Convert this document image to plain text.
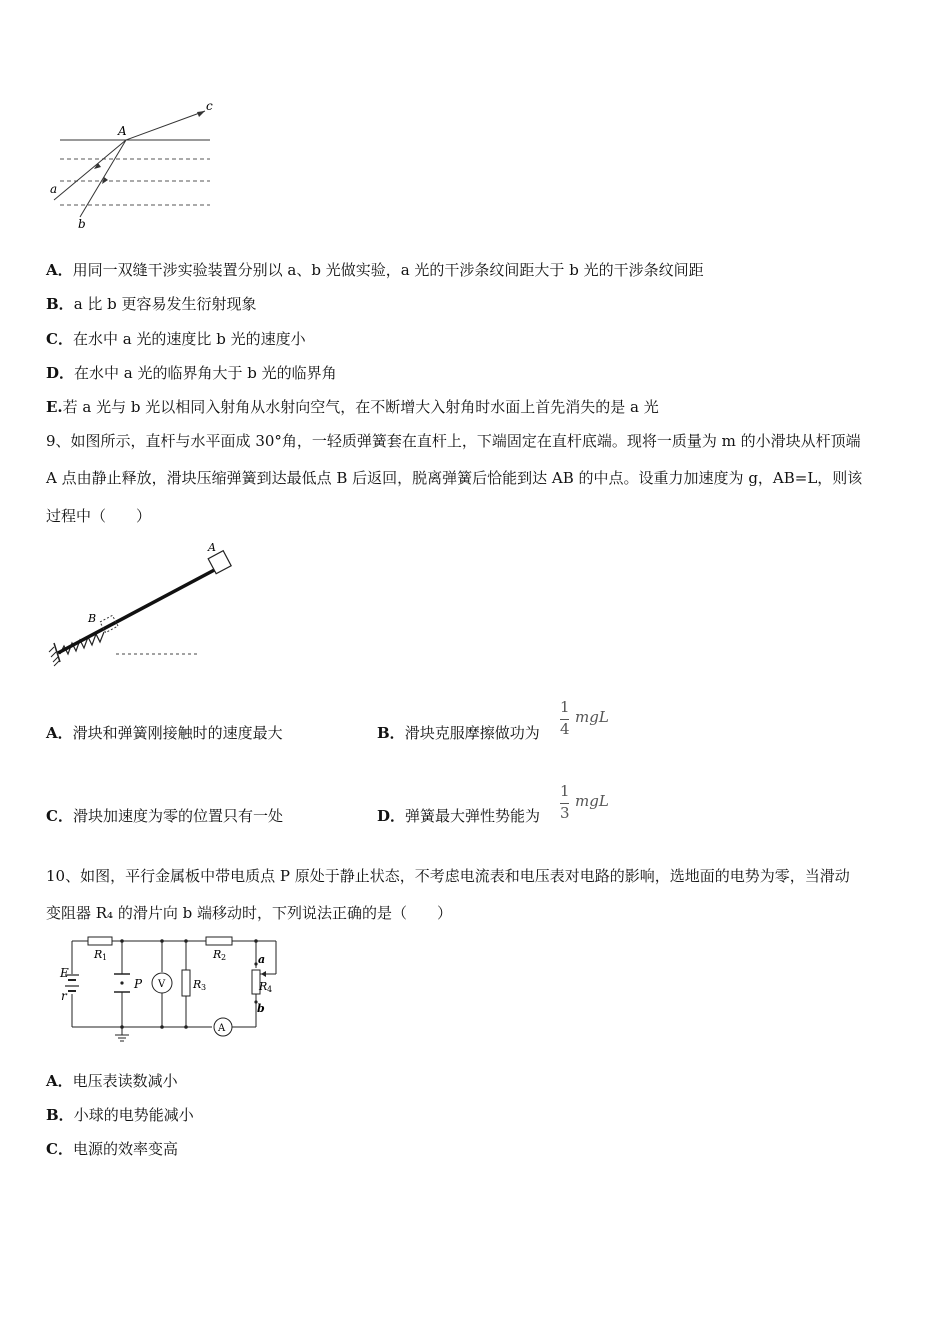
A
a
b
c
A．用同一双缝干涉实验装置分别以 a、b 光做实验，a 光的干涉条纹间距大于 b 光的干涉条纹间距
B．a 比 b 更容易发生衍射现象
C．在水中 a 光的速度比 b 光的速度小
D．在水中 a 光的临界角大于 b 光的临界角
E.若 a 光与 b 光以相同入射角从水射向空气，在不断增大入射角时水面上首先消失的是 a 光
9、如图所示，直杆与水平面成 30°角，一轻质弹簧套在直杆上，下端固定在直杆底端。现将一质量为 m 的小滑块从杆顶端
A 点由静止释放，滑块压缩弹簧到达最低点 B 后返回，脱离弹簧后恰能到达 AB 的中点。设重力加速度为 g，AB=L，则该
过程中（　　）
A
B
A．滑块和弹簧刚接触时的速度最大	B．滑块克服摩擦做功为
1
4
mgL
C．滑块加速度为零的位置只有一处	D．弹簧最大弹性势能为
1
3
mgL
10、如图，平行金属板中带电质点 P 原处于静止状态，不考虑电流表和电压表对电路的影响，选地面的电势为零，当滑动
变阻器 R₄ 的滑片向 b 端移动时，下列说法正确的是（　　）
E
r
R 1	R 2
R 3	R 4
P V
A
a
b
A．电压表读数减小
B．小球的电势能减小
C．电源的效率变高
